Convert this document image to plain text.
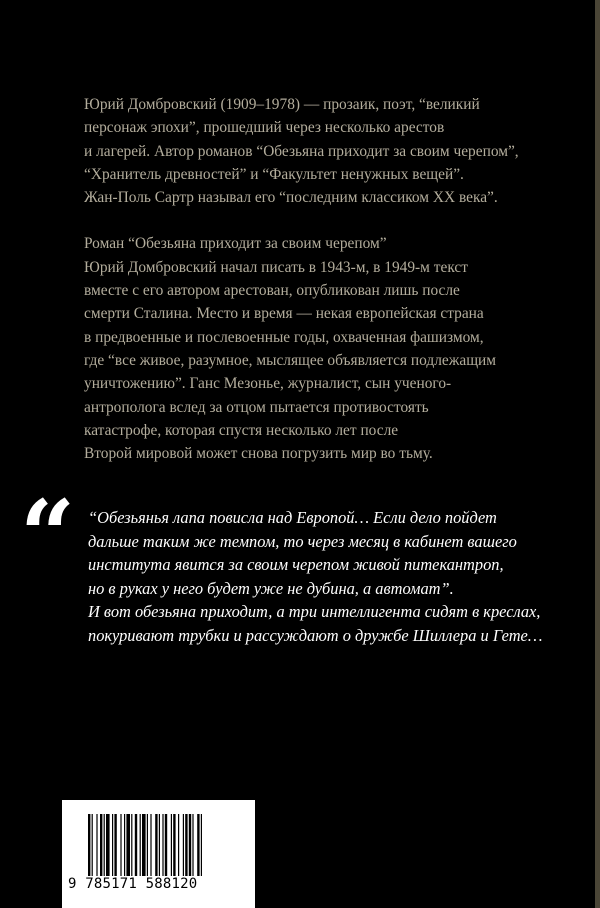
Юрий Домбровский (1909–1978) — прозаик, поэт, “великий
персонаж эпохи”, прошедший через несколько арестов
и лагерей. Автор романов “Обезьяна приходит за своим черепом”,
“Хранитель древностей” и “Факультет ненужных вещей”.
Жан-Поль Сартр называл его “последним классиком XX века”.

Роман “Обезьяна приходит за своим черепом”
Юрий Домбровский начал писать в 1943-м, в 1949-м текст
вместе с его автором арестован, опубликован лишь после
смерти Сталина. Место и время — некая европейская страна
в предвоенные и послевоенные годы, охваченная фашизмом,
где “все живое, разумное, мыслящее объявляется подлежащим
уничтожению”. Ганс Мезонье, журналист, сын ученого-
антрополога вслед за отцом пытается противостоять
катастрофе, которая спустя несколько лет после
Второй мировой может снова погрузить мир во тьму.

“ “Обезьянья лапа повисла над Европой… Если дело пойдет
дальше таким же темпом, то через месяц в кабинет вашего
института явится за своим черепом живой питекантроп,
но в руках у него будет уже не дубина, а автомат”.
И вот обезьяна приходит, а три интеллигента сидят в креслах,
покуривают трубки и рассуждают о дружбе Шиллера и Гете…
9 785171 588120
